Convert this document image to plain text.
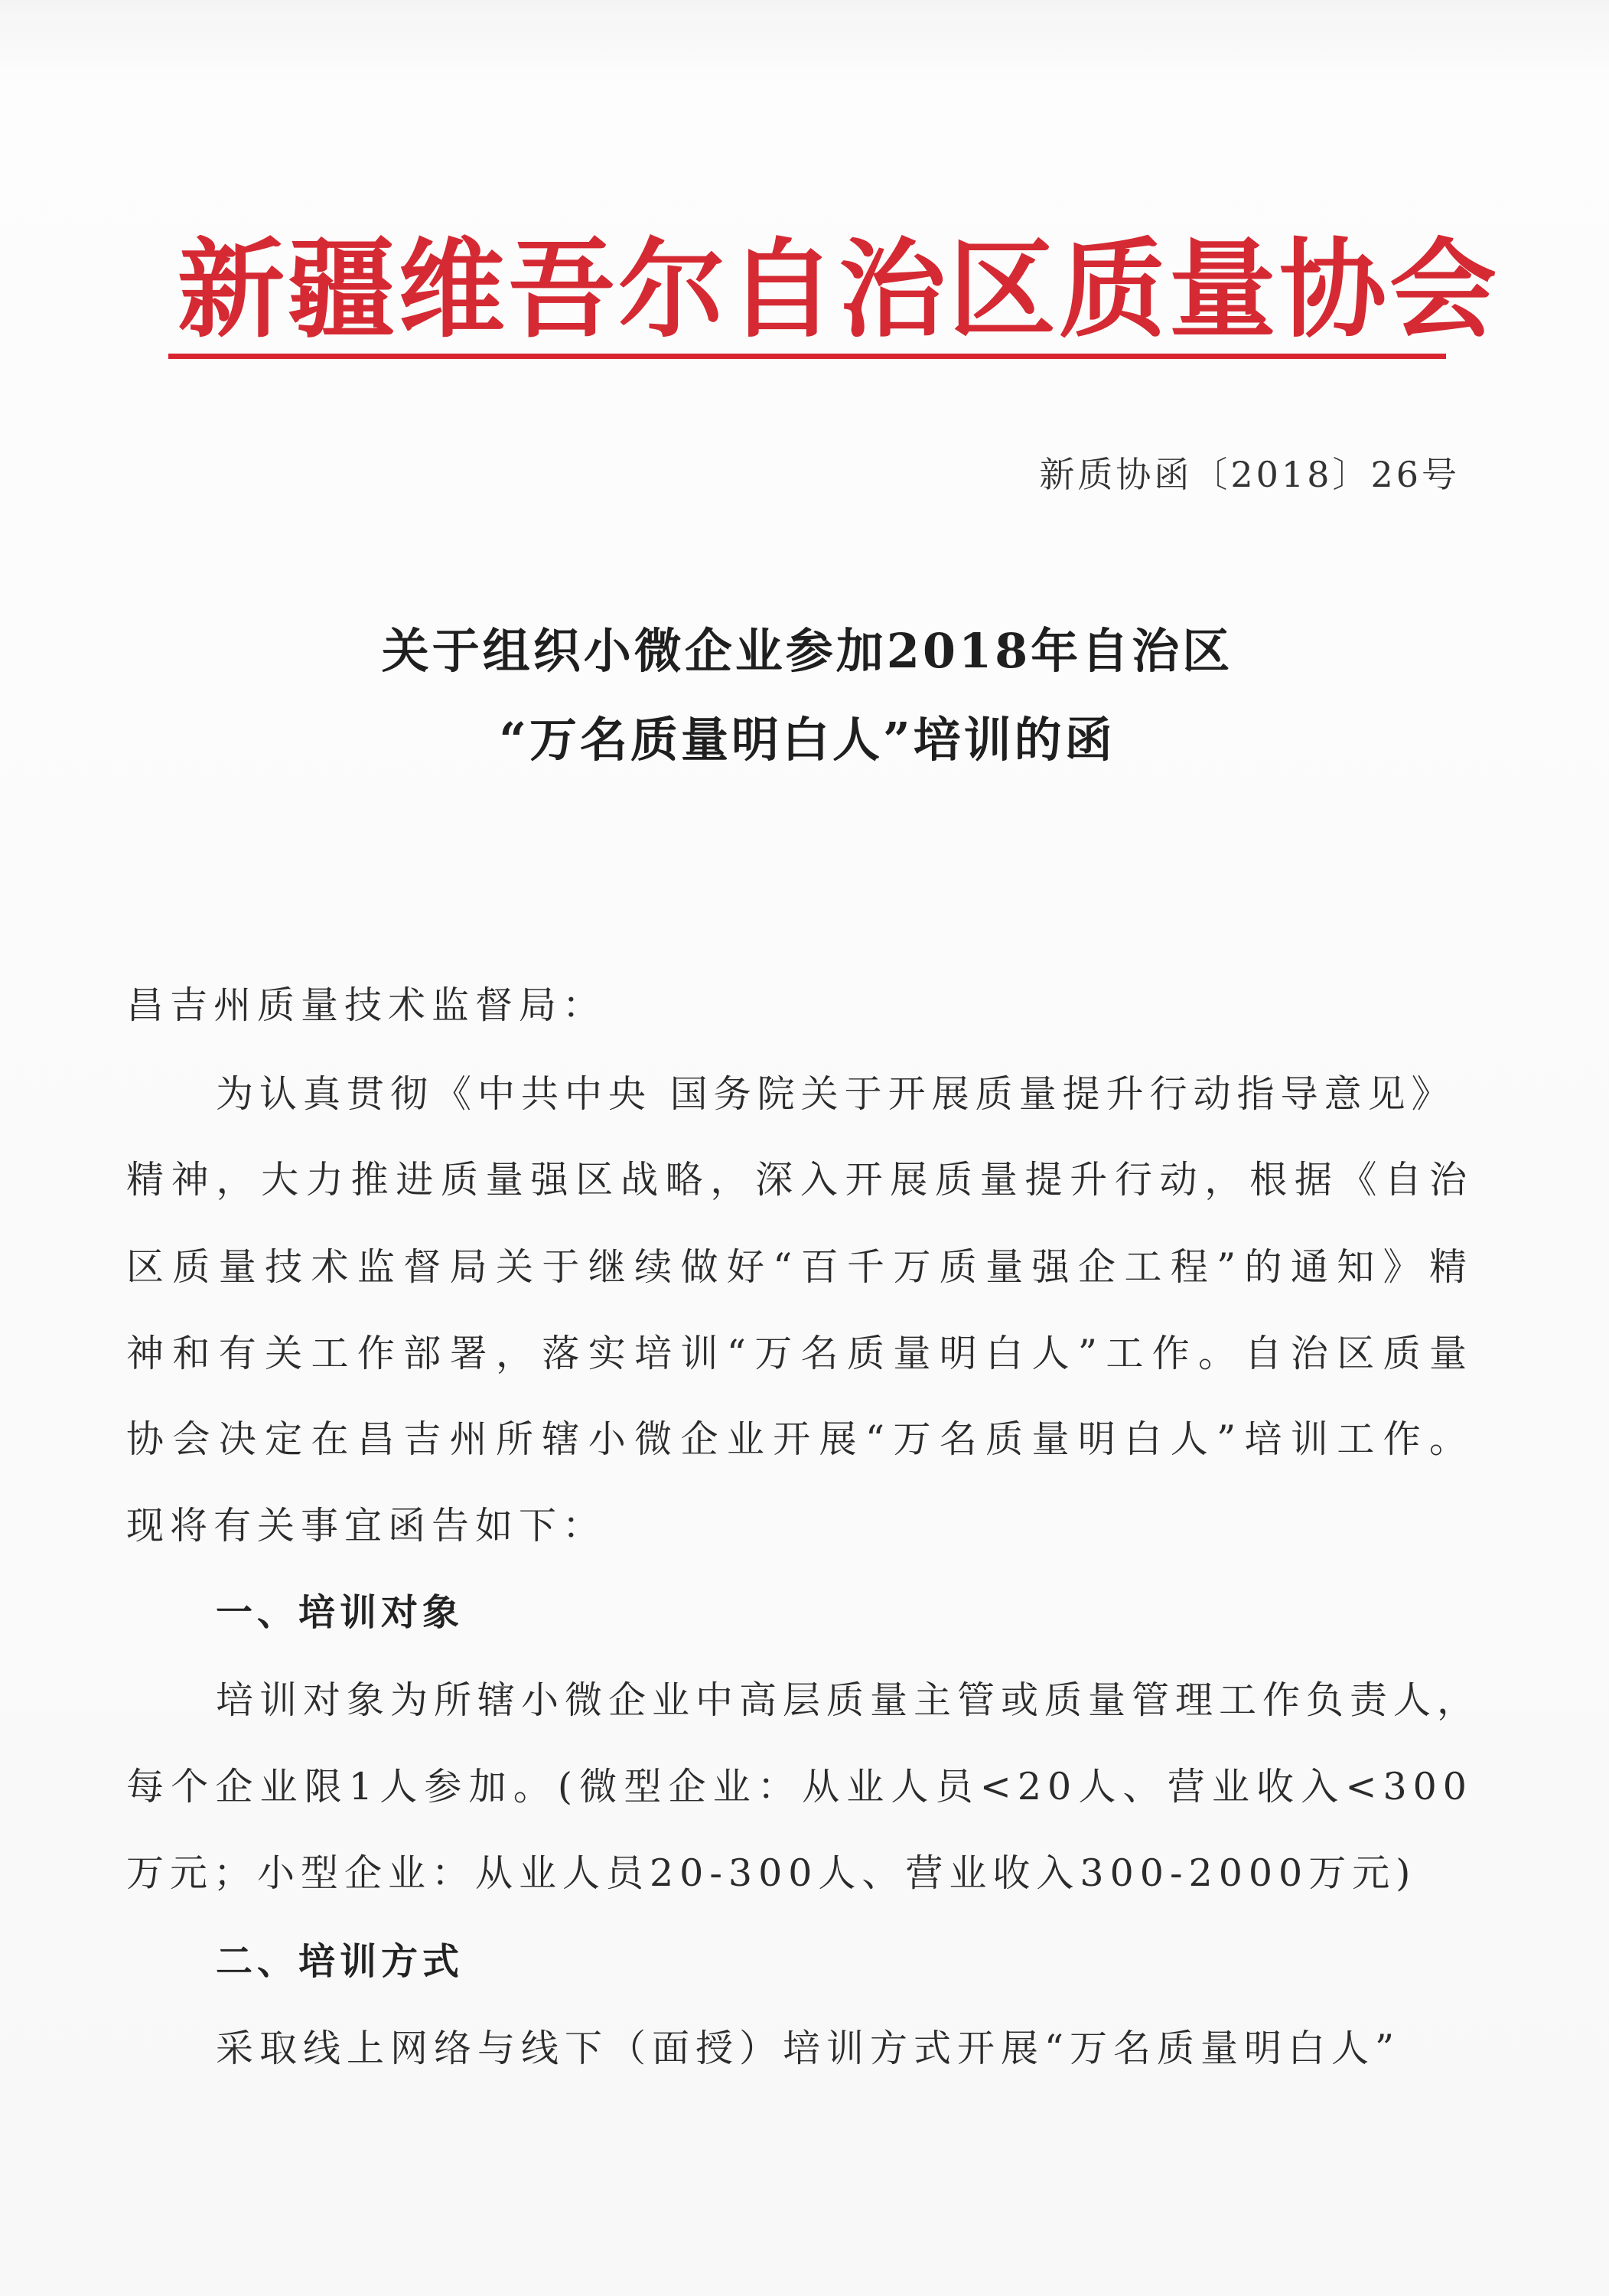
新疆维吾尔自治区质量协会
新质协函〔2018〕26号
关于组织小微企业参加2018年自治区
“万名质量明白人”培训的函
昌吉州质量技术监督局：
为认真贯彻《中共中央 国务院关于开展质量提升行动指导意见》
精神，大力推进质量强区战略，深入开展质量提升行动，根据《自治
区质量技术监督局关于继续做好“百千万质量强企工程”的通知》精
神和有关工作部署，落实培训“万名质量明白人”工作。自治区质量
协会决定在昌吉州所辖小微企业开展“万名质量明白人”培训工作。
现将有关事宜函告如下：
一、培训对象
培训对象为所辖小微企业中高层质量主管或质量管理工作负责人，
每个企业限1人参加。(微型企业：从业人员<20人、营业收入<300
万元；小型企业：从业人员20-300人、营业收入300-2000万元)
二、培训方式
采取线上网络与线下（面授）培训方式开展“万名质量明白人”
